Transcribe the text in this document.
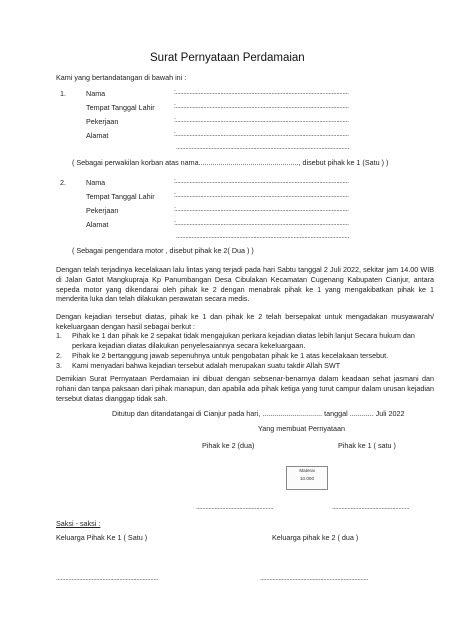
Surat Pernyataan Perdamaian
Kami yang bertandatangan di bawah ini :
1.	Nama	:................................................................................................................
Tempat Tanggal Lahir	:................................................................................................................
Pekerjaan	:................................................................................................................
Alamat	:................................................................................................................
................................................................................................................
( Sebagai perwakilan korban atas nama.................................................., disebut pihak ke 1 (Satu ) )
2.	Nama	:................................................................................................................
Tempat Tanggal Lahir	:................................................................................................................
Pekerjaan	:................................................................................................................
Alamat	:................................................................................................................
................................................................................................................
( Sebagai pengendara motor , disebut pihak ke 2( Dua ) )
Dengan telah terjadinya kecelakaan lalu lintas yang terjadi pada hari Sabtu tanggal 2 Juli 2022, sekitar jam 14.00 WIB di Jalan Gatot Mangkupraja Kp Panumbangan Desa Cibulakan Kecamatan Cugenang Kabupaten Cianjur, antara sepeda motor yang dikendarai oleh pihak ke 2 dengan menabrak pihak ke 1 yang mengakibatkan pihak ke 1 menderita luka dan telah dilakukan perawatan secara medis.
Dengan kejadian tersebut diatas, pihak ke 1 dan pihak ke 2 telah bersepakat untuk mengadakan musyawarah/ kekeluargaan dengan hasil sebagai berkut :
1. Pihak ke 1 dan pihak ke 2 sepakat tidak mengajukan perkara kejadian diatas lebih lanjut Secara hukum dan perkara kejadian diatas dilakukan penyelesaiannya secara kekeluargaan.
2. Pihak ke 2 bertanggung jawab sepenuhnya untuk pengobatan pihak ke 1 atas kecelakaan tersebut.
3. Kami menyadari bahwa kejadian tersebut adalah merupakan suatu takdir Allah SWT
Demikian Surat Pernyataan Perdamaian ini dibuat dengan sebsenar-benarnya dalam keadaan sehat jasmani dan rohani dan tanpa paksaan dari pihak manapun, dan apabila ada pihak ketiga yang turut campur dalam urusan kejadian tersebut diatas dianggap tidak sah.
Ditutup dan ditandatangai di Cianjur pada hari, .............................. tanggal ............ Juli 2022
Yang membuat Pernyataan
Pihak ke 2 (dua)	Pihak ke 1 ( satu )
Materai
10.000
..................................................	..................................................
Saksi - saksi :
Keluarga Pihak Ke 1 ( Satu )	Keluarga pihak ke 2 ( dua )
..................................................................	......................................................................
